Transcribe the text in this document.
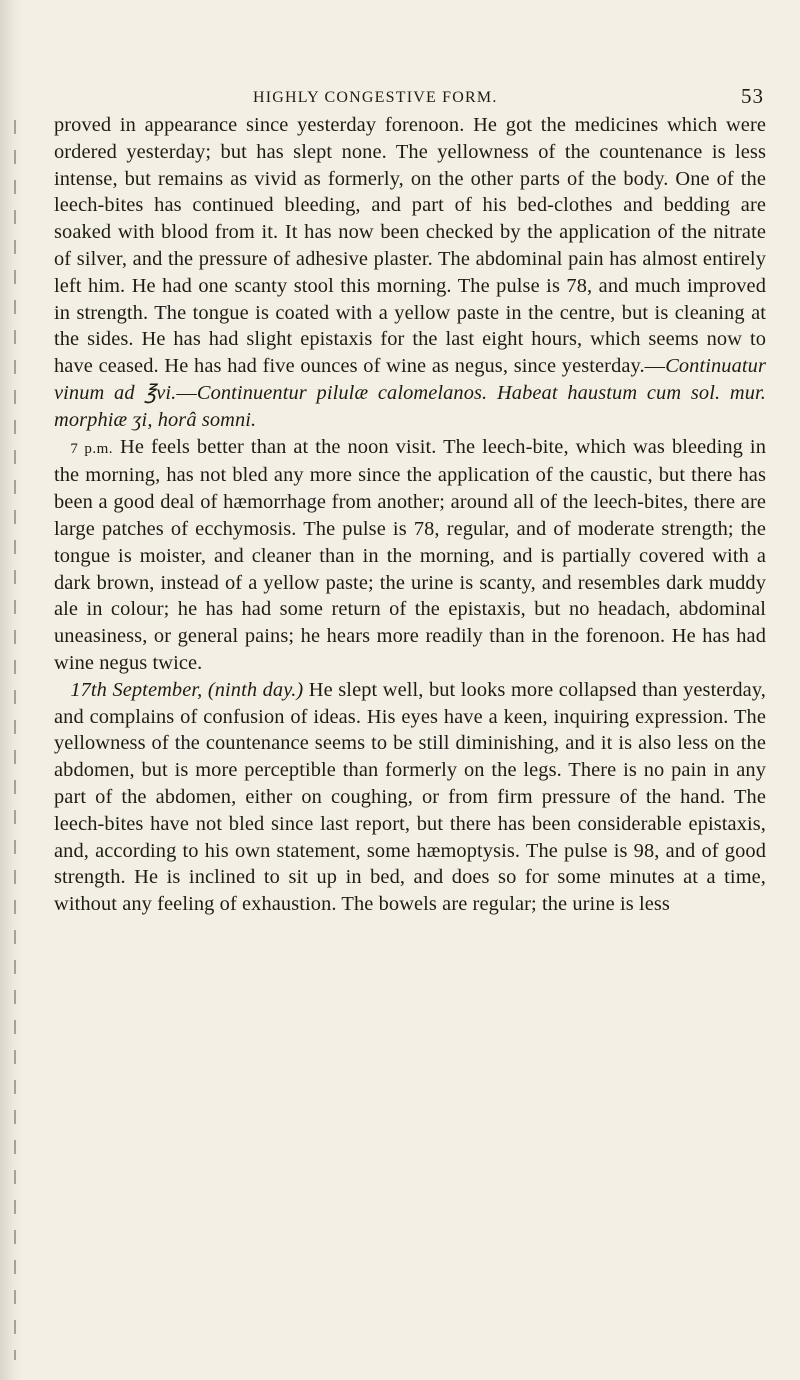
HIGHLY CONGESTIVE FORM.	53

proved in appearance since yesterday forenoon. He got the medicines which were ordered yesterday; but has slept none. The yellowness of the countenance is less intense, but remains as vivid as formerly, on the other parts of the body. One of the leech-bites has continued bleeding, and part of his bed-clothes and bedding are soaked with blood from it. It has now been checked by the application of the nitrate of silver, and the pressure of adhesive plaster. The abdominal pain has almost entirely left him. He had one scanty stool this morning. The pulse is 78, and much improved in strength. The tongue is coated with a yellow paste in the centre, but is cleaning at the sides. He has had slight epistaxis for the last eight hours, which seems now to have ceased. He has had five ounces of wine as negus, since yesterday.—Continuatur vinum ad ℥vi.—Continuentur pilulæ calomelanos. Habeat haustum cum sol. mur. morphiæ ʒi, horâ somni.

7 p.m. He feels better than at the noon visit. The leech-bite, which was bleeding in the morning, has not bled any more since the application of the caustic, but there has been a good deal of hæmorrhage from another; around all of the leech-bites, there are large patches of ecchymosis. The pulse is 78, regular, and of moderate strength; the tongue is moister, and cleaner than in the morning, and is partially covered with a dark brown, instead of a yellow paste; the urine is scanty, and resembles dark muddy ale in colour; he has had some return of the epistaxis, but no headach, abdominal uneasiness, or general pains; he hears more readily than in the forenoon. He has had wine negus twice.

17th September, (ninth day.) He slept well, but looks more collapsed than yesterday, and complains of confusion of ideas. His eyes have a keen, inquiring expression. The yellowness of the countenance seems to be still diminishing, and it is also less on the abdomen, but is more perceptible than formerly on the legs. There is no pain in any part of the abdomen, either on coughing, or from firm pressure of the hand. The leech-bites have not bled since last report, but there has been considerable epistaxis, and, according to his own statement, some hæmoptysis. The pulse is 98, and of good strength. He is inclined to sit up in bed, and does so for some minutes at a time, without any feeling of exhaustion. The bowels are regular; the urine is less
